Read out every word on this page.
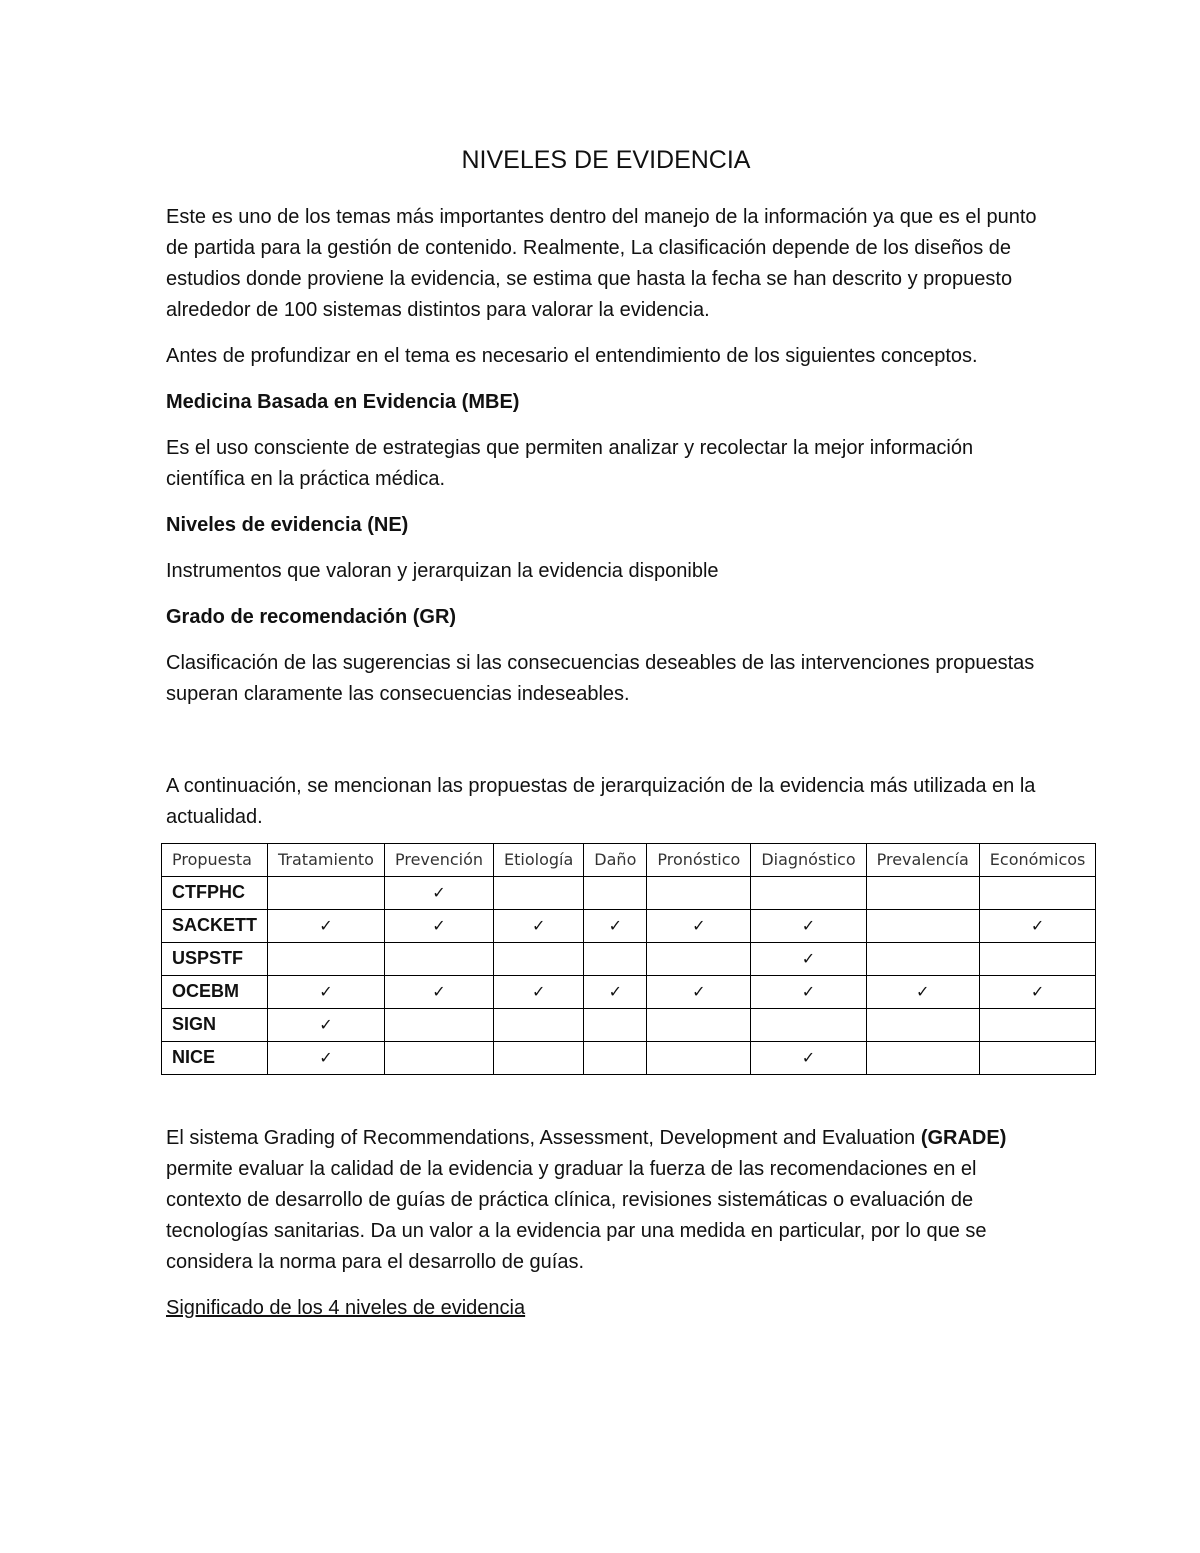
NIVELES DE EVIDENCIA

Este es uno de los temas más importantes dentro del manejo de la información ya que es el punto de partida para la gestión de contenido. Realmente, La clasificación depende de los diseños de estudios donde proviene la evidencia, se estima que hasta la fecha se han descrito y propuesto alrededor de 100 sistemas distintos para valorar la evidencia.

Antes de profundizar en el tema es necesario el entendimiento de los siguientes conceptos.

Medicina Basada en Evidencia (MBE)

Es el uso consciente de estrategias que permiten analizar y recolectar la mejor información científica en la práctica médica.

Niveles de evidencia (NE)

Instrumentos que valoran y jerarquizan la evidencia disponible

Grado de recomendación (GR)

Clasificación de las sugerencias si las consecuencias deseables de las intervenciones propuestas superan claramente las consecuencias indeseables.

A continuación, se mencionan las propuestas de jerarquización de la evidencia más utilizada en la actualidad.

Propuesta	Tratamiento	Prevención	Etiología	Daño	Pronóstico	Diagnóstico	Prevalencía	Económicos
CTFPHC		✓						
SACKETT	✓	✓	✓	✓	✓	✓		✓
USPSTF						✓		
OCEBM	✓	✓	✓	✓	✓	✓	✓	✓
SIGN	✓							
NICE	✓					✓		

El sistema Grading of Recommendations, Assessment, Development and Evaluation (GRADE) permite evaluar la calidad de la evidencia y graduar la fuerza de las recomendaciones en el contexto de desarrollo de guías de práctica clínica, revisiones sistemáticas o evaluación de tecnologías sanitarias. Da un valor a la evidencia par una medida en particular, por lo que se considera la norma para el desarrollo de guías.

Significado de los 4 niveles de evidencia
